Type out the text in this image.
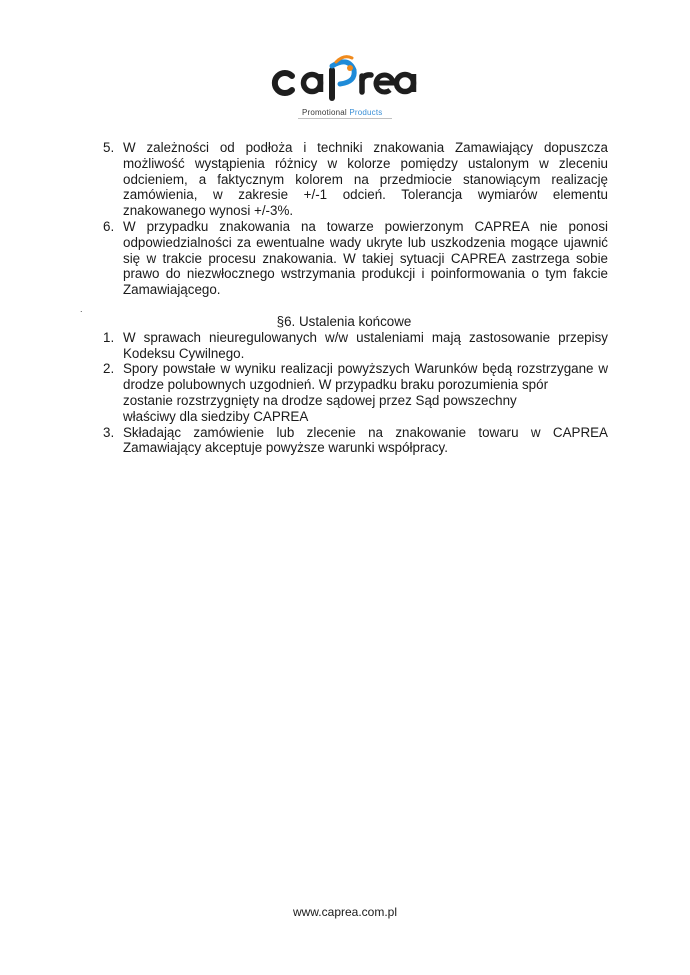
Promotional Products
.
5. W zależności od podłoża i techniki znakowania Zamawiający dopuszcza możliwość wystąpienia różnicy w kolorze pomiędzy ustalonym w zleceniu odcieniem, a faktycznym kolorem na przedmiocie stanowiącym realizację zamówienia, w zakresie +/-1 odcień. Tolerancja wymiarów elementu znakowanego wynosi +/-3%.
6. W przypadku znakowania na towarze powierzonym CAPREA nie ponosi odpowiedzialności za ewentualne wady ukryte lub uszkodzenia mogące ujawnić się w trakcie procesu znakowania. W takiej sytuacji CAPREA zastrzega sobie prawo do niezwłocznego wstrzymania produkcji i poinformowania o tym fakcie Zamawiającego.
§6. Ustalenia końcowe
1. W sprawach nieuregulowanych w/w ustaleniami mają zastosowanie przepisy Kodeksu Cywilnego.
2. Spory powstałe w wyniku realizacji powyższych Warunków będą rozstrzygane w drodze polubownych uzgodnień. W przypadku braku porozumienia spór
zostanie rozstrzygnięty na drodze sądowej przez Sąd powszechny
właściwy dla siedziby CAPREA
3. Składając zamówienie lub zlecenie na znakowanie towaru w CAPREA Zamawiający akceptuje powyższe warunki współpracy.
www.caprea.com.pl
